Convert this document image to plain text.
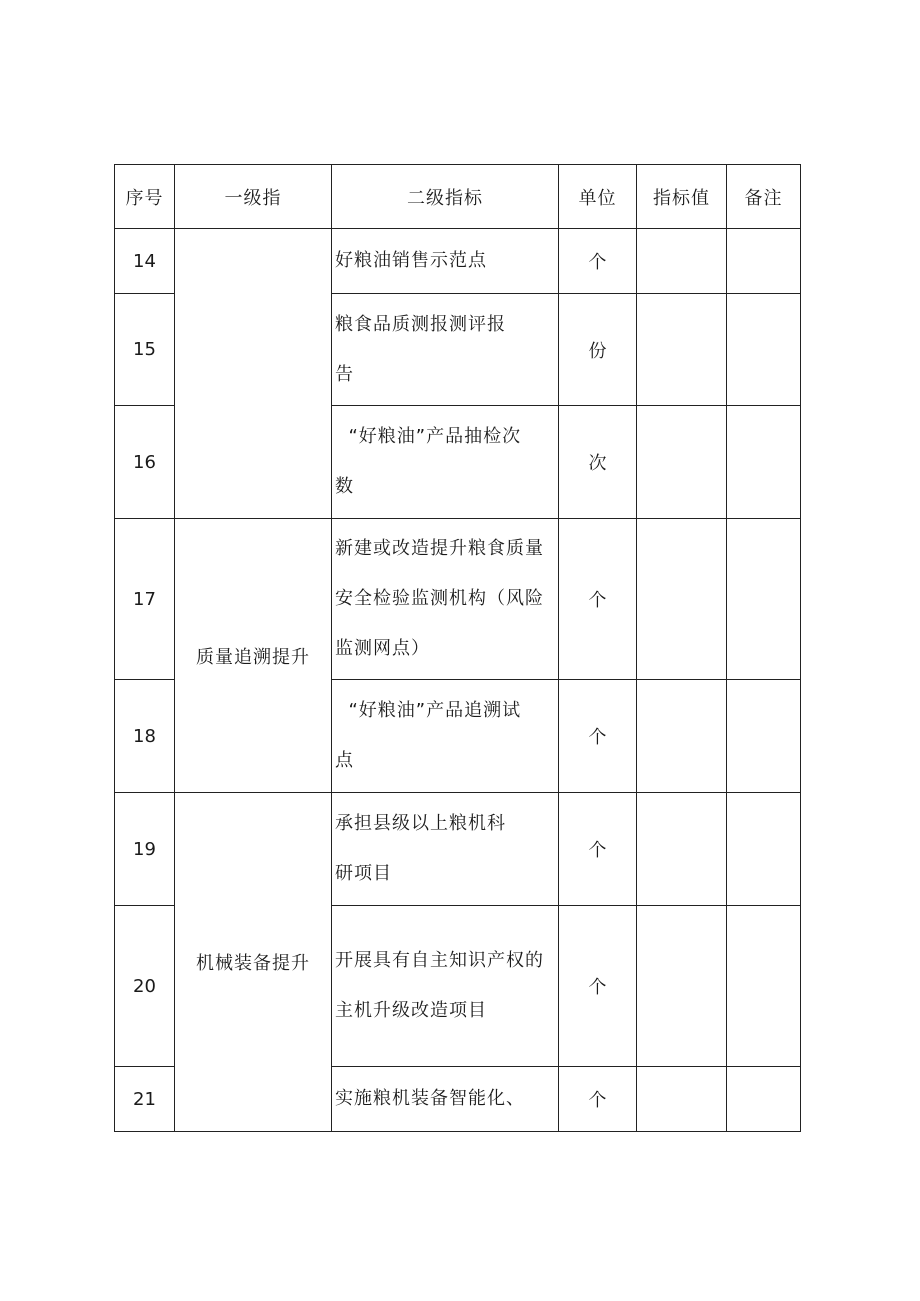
序号	一级指	二级指标	单位	指标值	备注
14		好粮油销售示范点	个		
15		粮食品质测报测评报
告	份		
16		“好粮油”产品抽检次
数	次		
17	质量追溯提升	新建或改造提升粮食质量
安全检验监测机构（风险
监测网点）	个		
18		“好粮油”产品追溯试
点	个		
19	机械装备提升	承担县级以上粮机科
研项目	个		
20		开展具有自主知识产权的
主机升级改造项目	个		
21		实施粮机装备智能化、	个		
